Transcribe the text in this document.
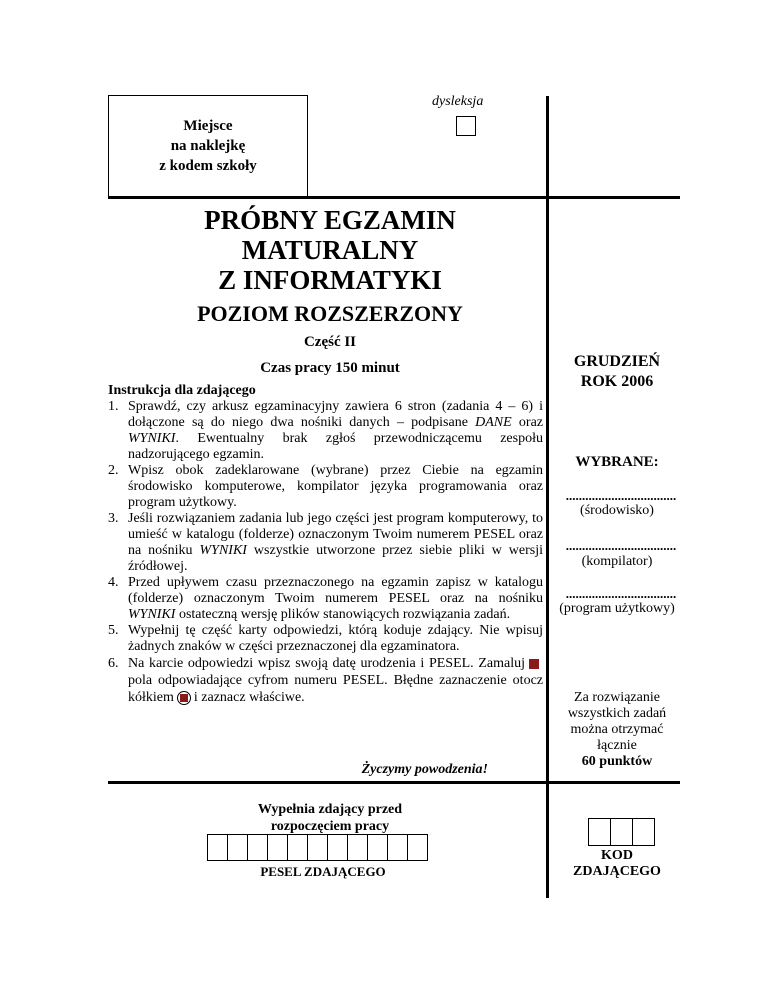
Miejsce
na naklejkę
z kodem szkoły
dysleksja
PRÓBNY EGZAMIN
MATURALNY
Z INFORMATYKI
POZIOM ROZSZERZONY
Część II
Czas pracy 150 minut	GRUDZIEŃ
ROK 2006
Instrukcja dla zdającego
1. Sprawdź, czy arkusz egzaminacyjny zawiera 6 stron (zadania 4 – 6) i dołączone są do niego dwa nośniki danych – podpisane DANE oraz WYNIKI. Ewentualny brak zgłoś przewodniczącemu zespołu nadzorującego egzamin.
2. Wpisz obok zadeklarowane (wybrane) przez Ciebie na egzamin środowisko komputerowe, kompilator języka programowania oraz program użytkowy.
3. Jeśli rozwiązaniem zadania lub jego części jest program komputerowy, to umieść w katalogu (folderze) oznaczonym Twoim numerem PESEL oraz na nośniku WYNIKI wszystkie utworzone przez siebie pliki w wersji źródłowej.
4. Przed upływem czasu przeznaczonego na egzamin zapisz w katalogu (folderze) oznaczonym Twoim numerem PESEL oraz na nośniku WYNIKI ostateczną wersję plików stanowiących rozwiązania zadań.
5. Wypełnij tę część karty odpowiedzi, którą koduje zdający. Nie wpisuj żadnych znaków w części przeznaczonej dla egzaminatora.
6. Na karcie odpowiedzi wpisz swoją datę urodzenia i PESEL. Zamalujpola odpowiadające cyfrom numeru PESEL. Błędne zaznaczenie otocz kółkiem i zaznacz właściwe.
Życzymy powodzenia!
WYBRANE:
..................................
(środowisko)
..................................
(kompilator)
..................................
(program użytkowy)
Za rozwiązanie
wszystkich zadań
można otrzymać
łącznie
60 punktów
Wypełnia zdający przed
rozpoczęciem pracy
PESEL ZDAJĄCEGO
KOD
ZDAJĄCEGO
